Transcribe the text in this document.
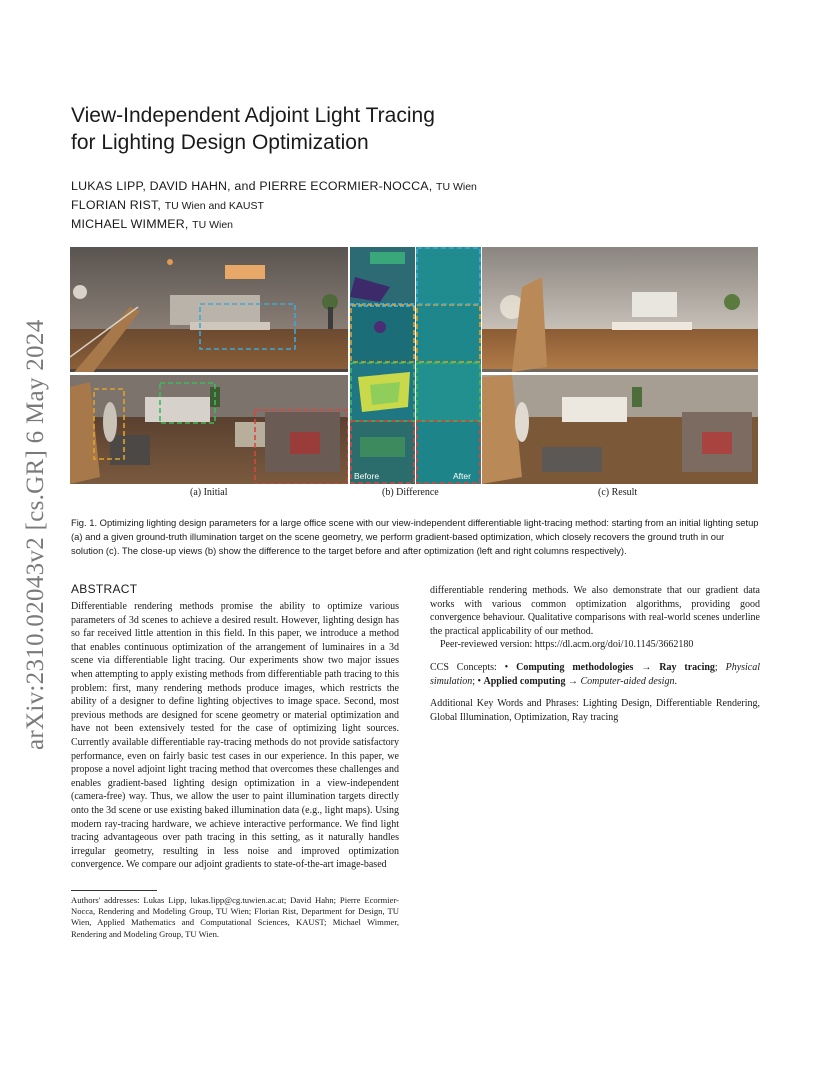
arXiv:2310.02043v2 [cs.GR] 6 May 2024
View-Independent Adjoint Light Tracing
for Lighting Design Optimization
LUKAS LIPP, DAVID HAHN, and PIERRE ECORMIER-NOCCA, TU Wien
FLORIAN RIST, TU Wien and KAUST
MICHAEL WIMMER, TU Wien
Before	After
(a) Initial	(b) Difference	(c) Result
Fig. 1. Optimizing lighting design parameters for a large office scene with our view-independent differentiable light-tracing method: starting from an initial lighting setup (a) and a given ground-truth illumination target on the scene geometry, we perform gradient-based optimization, which closely recovers the ground truth in our solution (c). The close-up views (b) show the difference to the target before and after optimization (left and right columns respectively).
ABSTRACT

Differentiable rendering methods promise the ability to optimize various parameters of 3d scenes to achieve a desired result. However, lighting design has so far received little attention in this field. In this paper, we introduce a method that enables continuous optimization of the arrangement of luminaires in a 3d scene via differentiable light tracing. Our experiments show two major issues when attempting to apply existing methods from differentiable path tracing to this problem: first, many rendering methods produce images, which restricts the ability of a designer to define lighting objectives to image space. Second, most previous methods are designed for scene geometry or material optimization and have not been extensively tested for the case of optimizing light sources. Currently available differentiable ray-tracing methods do not provide satisfactory performance, even on fairly basic test cases in our experience. In this paper, we propose a novel adjoint light tracing method that overcomes these challenges and enables gradient-based lighting design optimization in a view-independent (camera-free) way. Thus, we allow the user to paint illumination targets directly onto the 3d scene or use existing baked illumination data (e.g., light maps). Using modern ray-tracing hardware, we achieve interactive performance. We find light tracing advantageous over path tracing in this setting, as it naturally handles irregular geometry, resulting in less noise and improved optimization convergence. We compare our adjoint gradients to state-of-the-art image-based

differentiable rendering methods. We also demonstrate that our gradient data works with various common optimization algorithms, providing good convergence behaviour. Qualitative comparisons with real-world scenes underline the practical applicability of our method.

Peer-reviewed version: https://dl.acm.org/doi/10.1145/3662180

CCS Concepts: • Computing methodologies → Ray tracing; Physical simulation; • Applied computing → Computer-aided design.

Additional Key Words and Phrases: Lighting Design, Differentiable Rendering, Global Illumination, Optimization, Ray tracing

Authors' addresses: Lukas Lipp, lukas.lipp@cg.tuwien.ac.at; David Hahn; Pierre Ecormier-Nocca, Rendering and Modeling Group, TU Wien; Florian Rist, Department for Design, TU Wien, Applied Mathematics and Computational Sciences, KAUST; Michael Wimmer, Rendering and Modeling Group, TU Wien.
